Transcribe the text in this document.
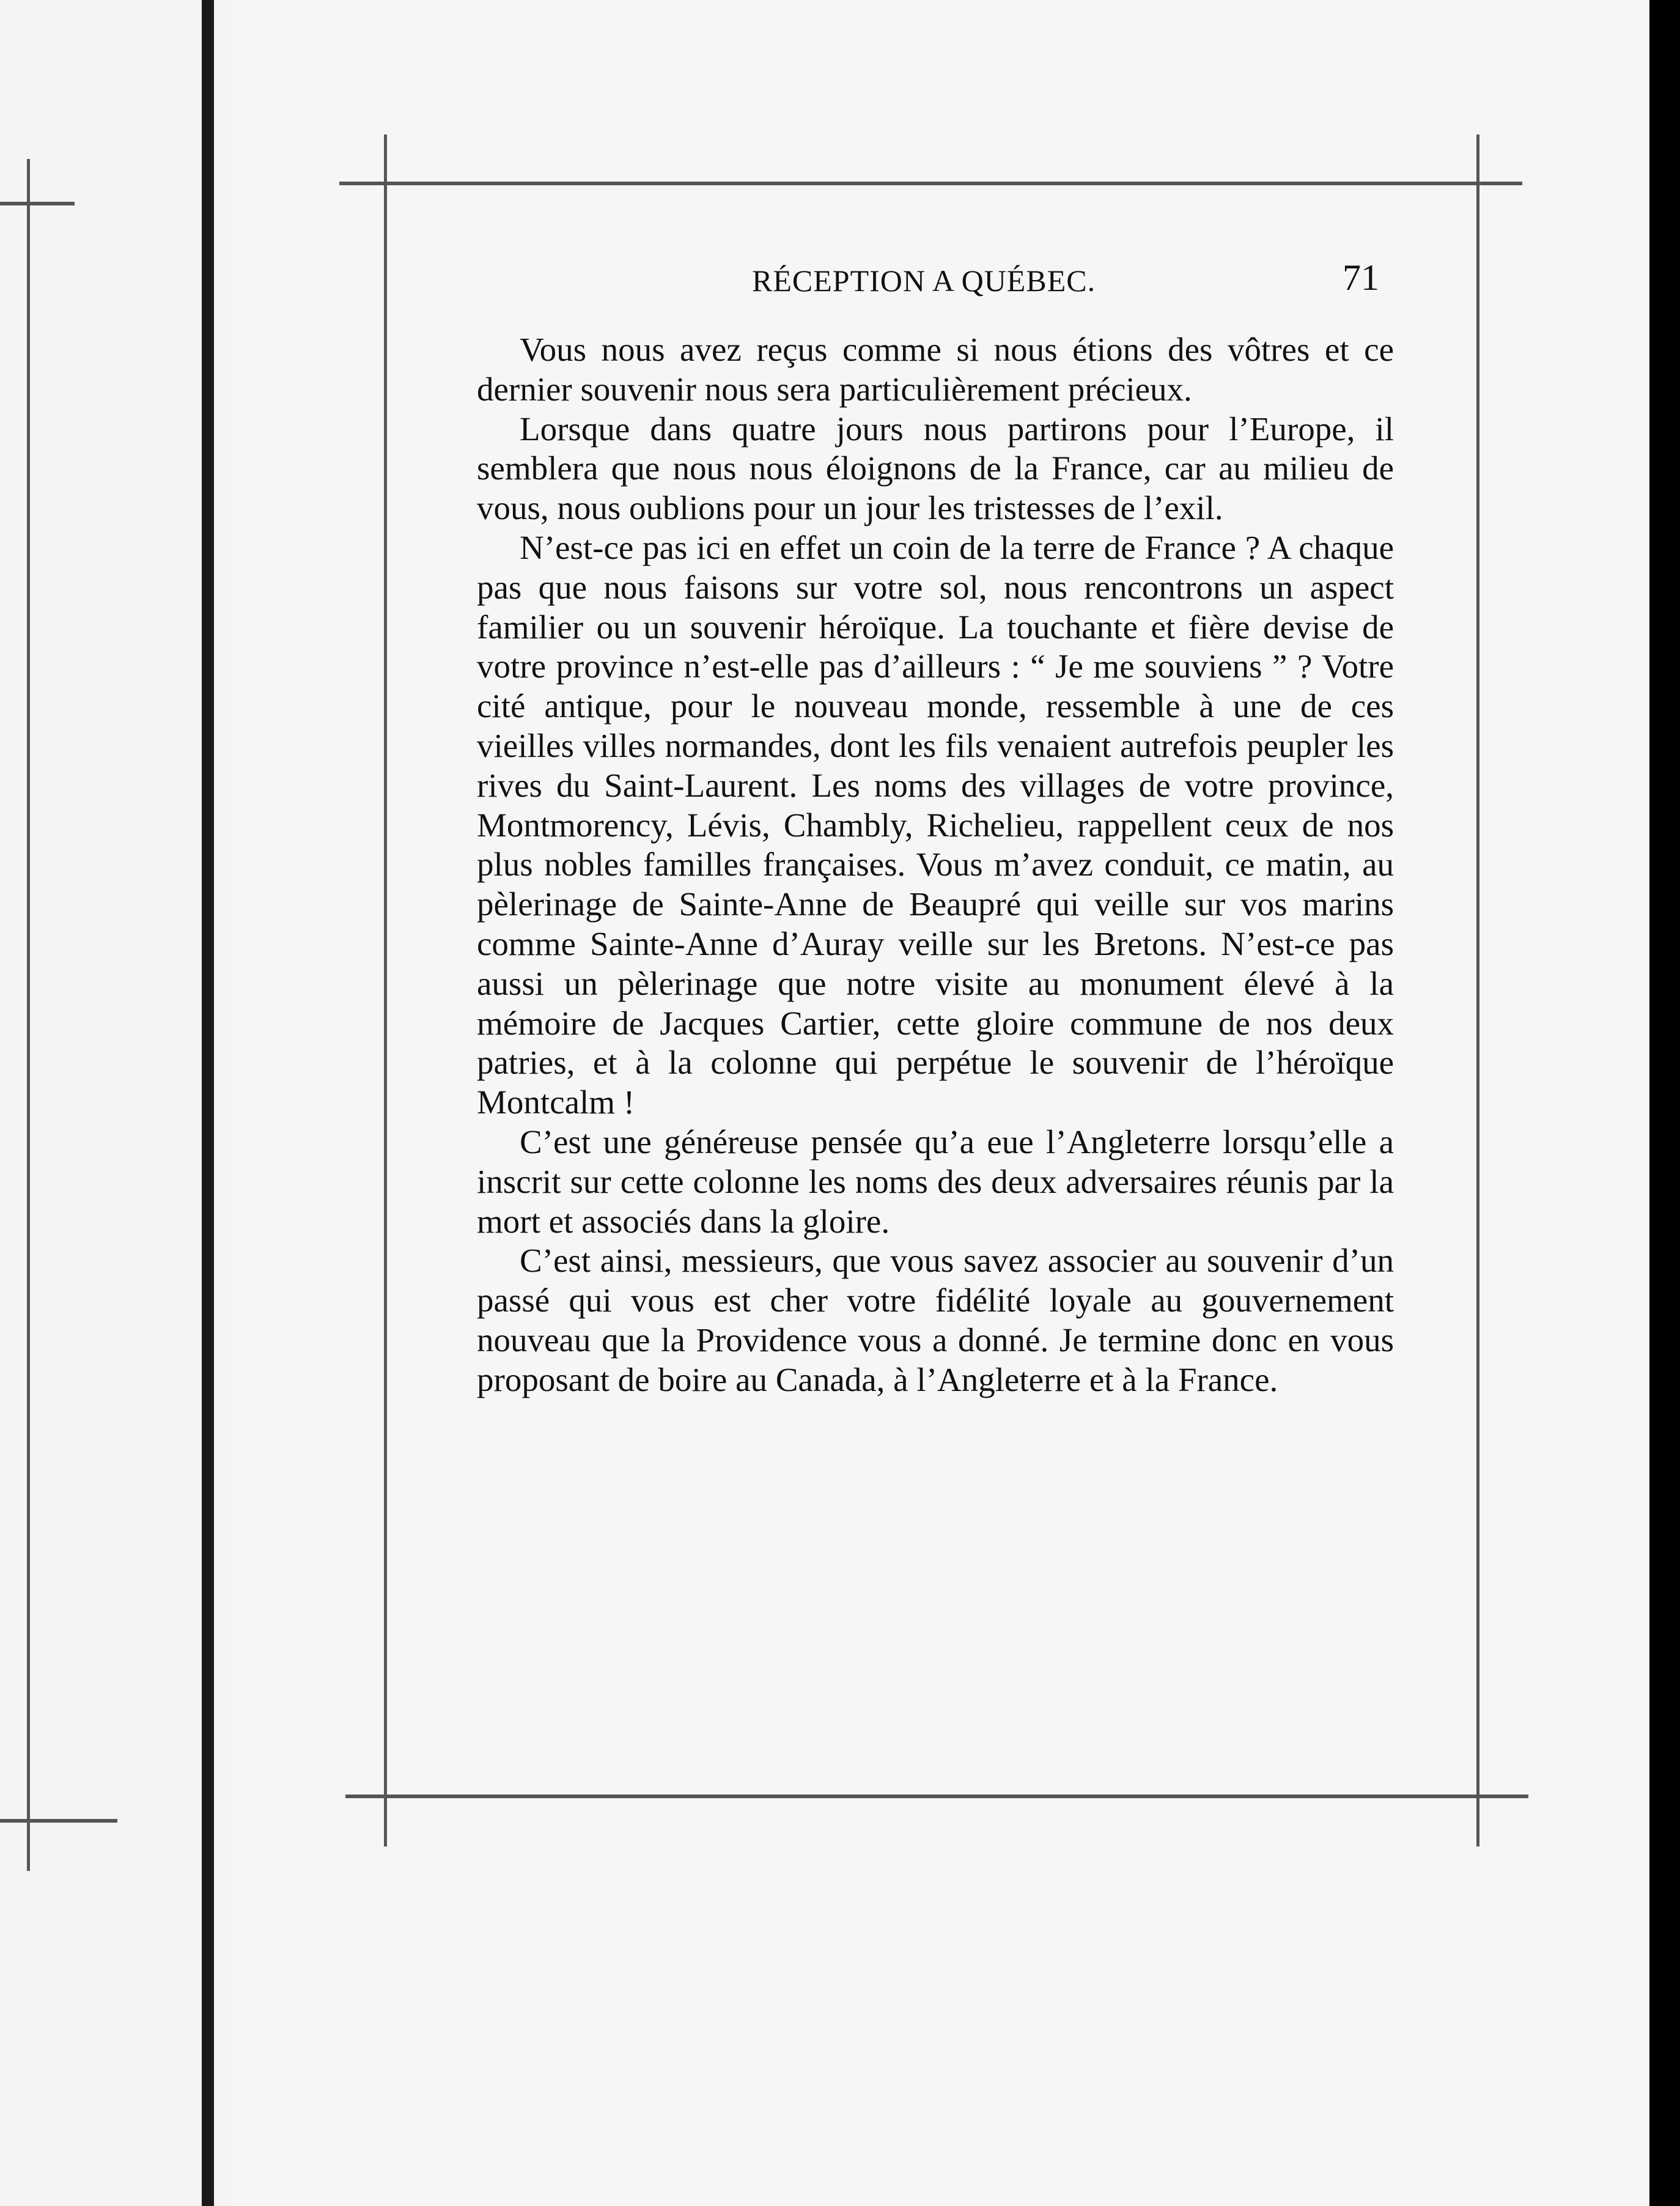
RÉCEPTION A QUÉBEC.	71

Vous nous avez reçus comme si nous étions des vôtres et ce dernier souvenir nous sera particulièrement précieux.

Lorsque dans quatre jours nous partirons pour l’Europe, il semblera que nous nous éloignons de la France, car au milieu de vous, nous oublions pour un jour les tristesses de l’exil.

N’est-ce pas ici en effet un coin de la terre de France ? A chaque pas que nous faisons sur votre sol, nous rencontrons un aspect familier ou un souvenir héroïque. La touchante et fière devise de votre province n’est-elle pas d’ailleurs : “ Je me souviens ” ? Votre cité antique, pour le nouveau monde, ressemble à une de ces vieilles villes normandes, dont les fils venaient autrefois peupler les rives du Saint-Laurent. Les noms des villages de votre province, Montmorency, Lévis, Chambly, Richelieu, rappellent ceux de nos plus nobles familles françaises. Vous m’avez conduit, ce matin, au pèlerinage de Sainte-Anne de Beaupré qui veille sur vos marins comme Sainte-Anne d’Auray veille sur les Bretons. N’est-ce pas aussi un pèlerinage que notre visite au monument élevé à la mémoire de Jacques Cartier, cette gloire commune de nos deux patries, et à la colonne qui perpétue le souvenir de l’héroïque Montcalm !

C’est une généreuse pensée qu’a eue l’Angleterre lorsqu’elle a inscrit sur cette colonne les noms des deux adversaires réunis par la mort et associés dans la gloire.

C’est ainsi, messieurs, que vous savez associer au souvenir d’un passé qui vous est cher votre fidélité loyale au gouvernement nouveau que la Providence vous a donné. Je termine donc en vous proposant de boire au Canada, à l’Angleterre et à la France.
